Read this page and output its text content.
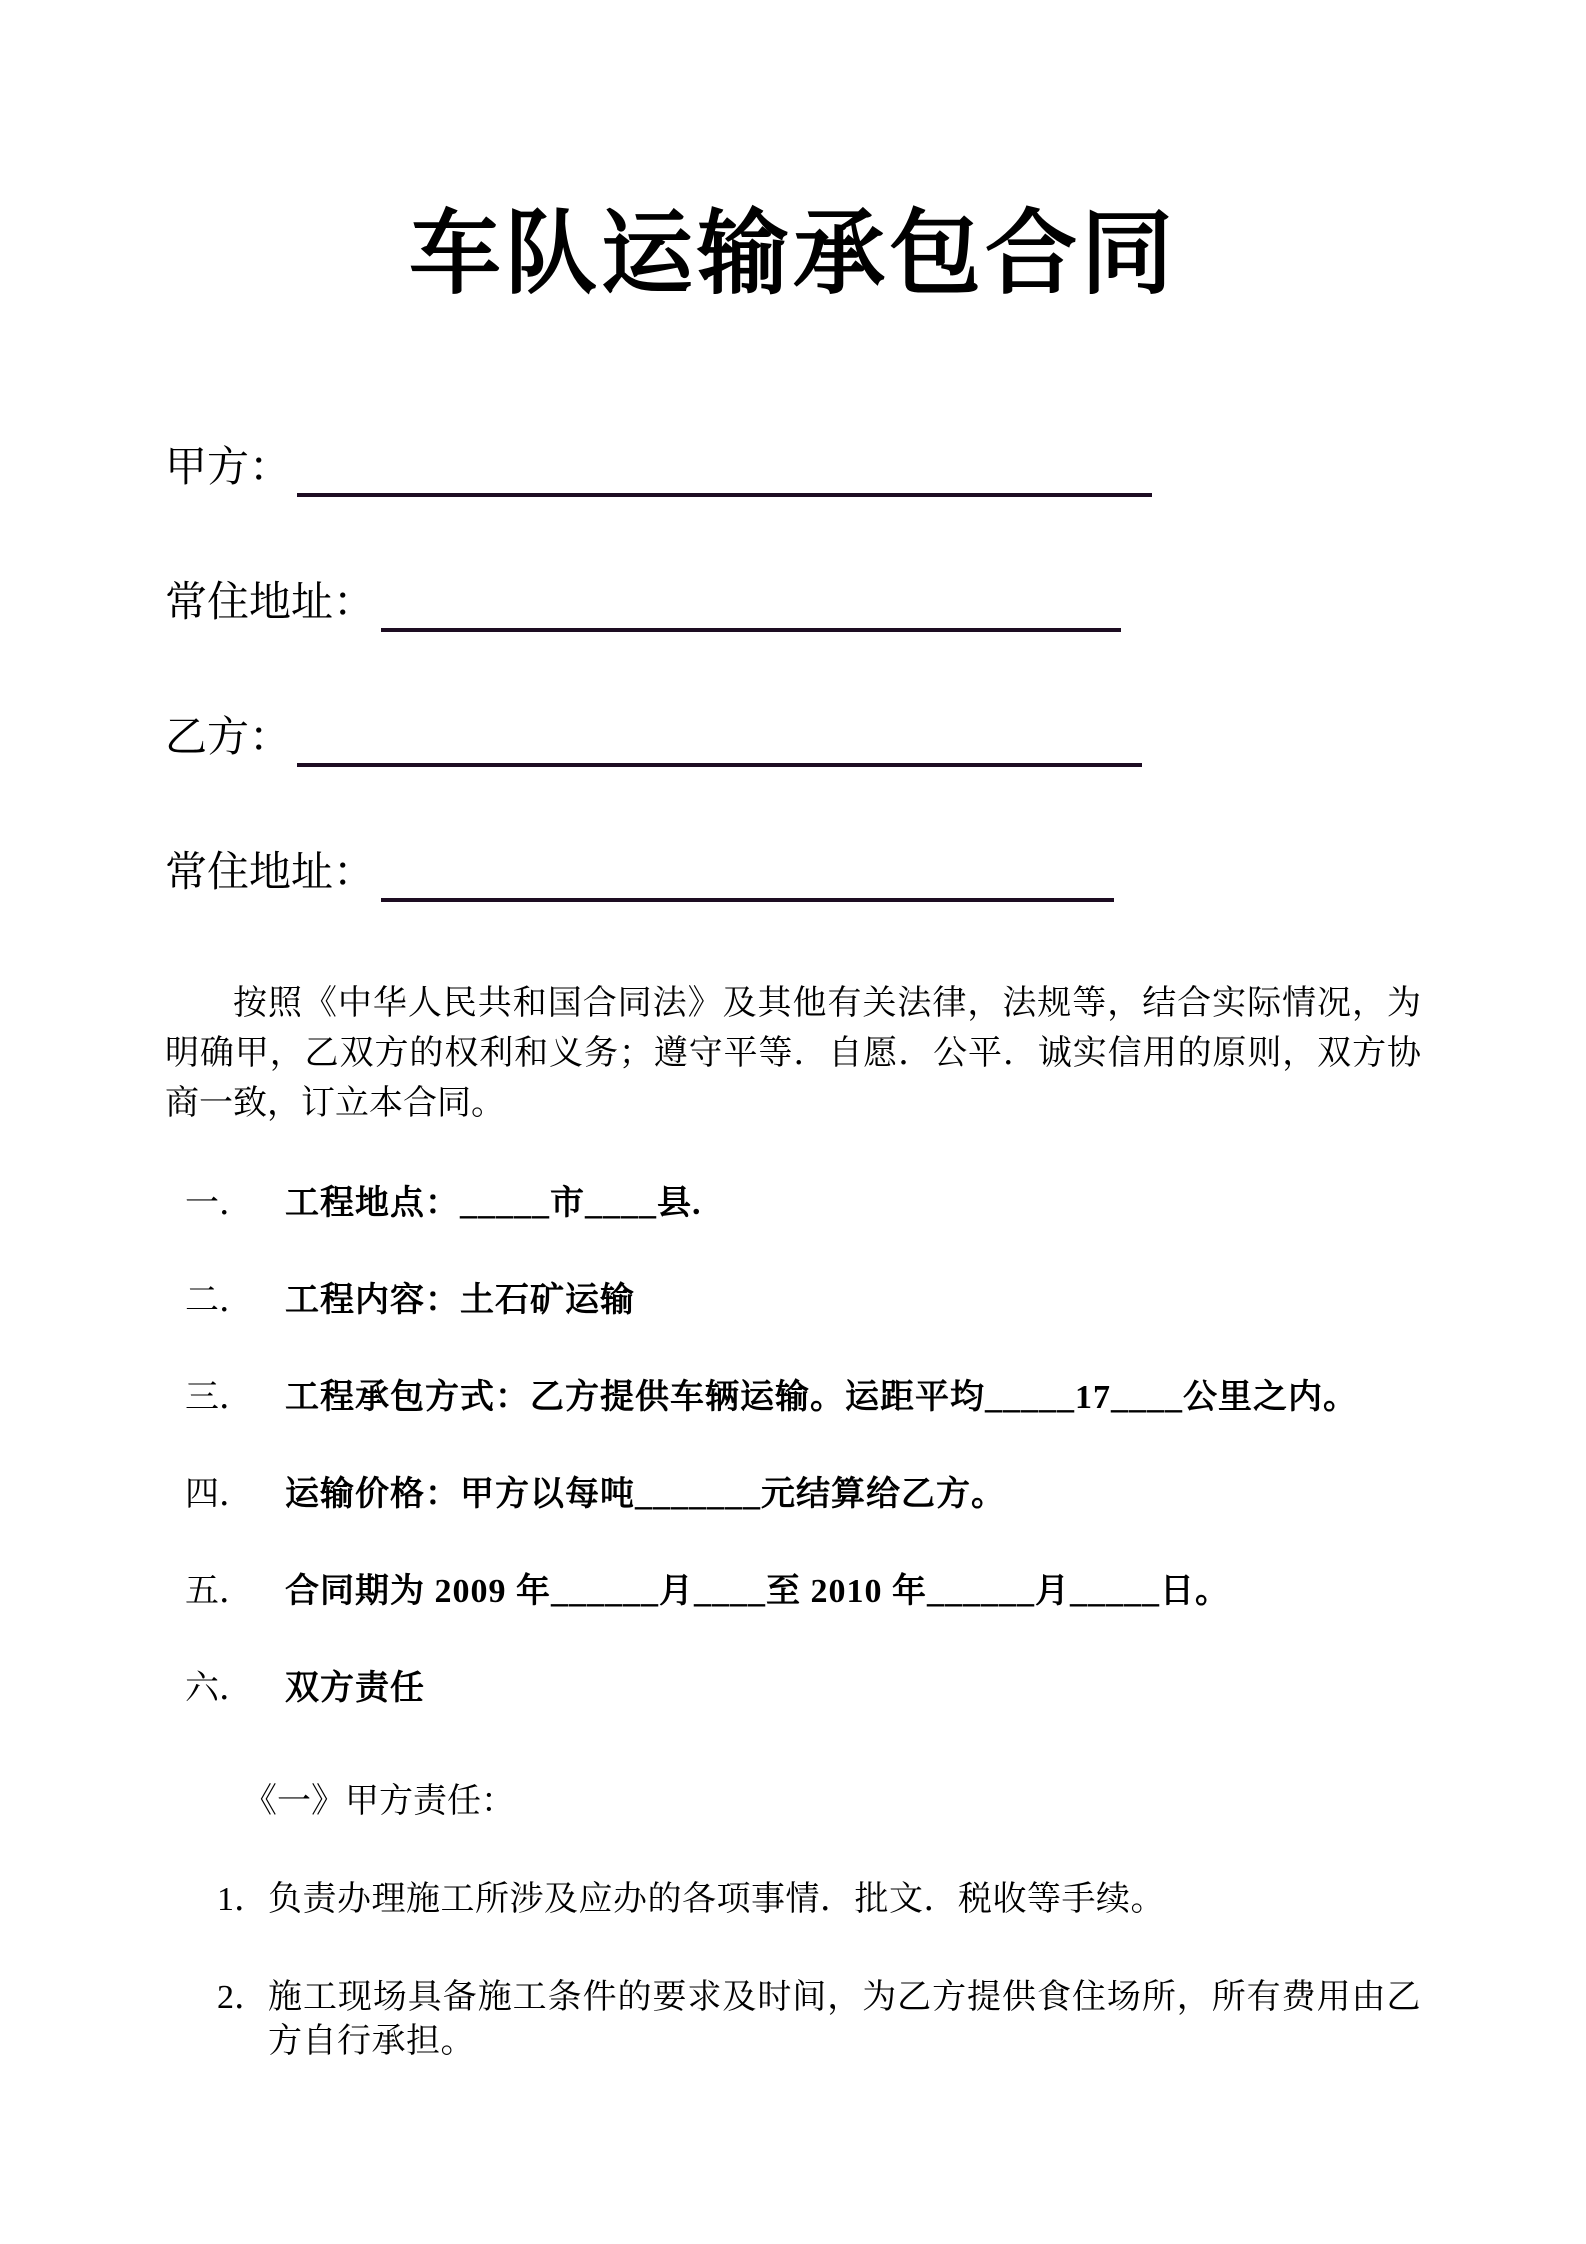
车队运输承包合同
甲方：
常住地址：
乙方：
常住地址：
按照《中华人民共和国合同法》及其他有关法律，法规等，结合实际情况，为明确甲，乙双方的权利和义务；遵守平等．自愿．公平．诚实信用的原则，双方协商一致，订立本合同。
一． 工程地点：_____市____县.
二． 工程内容：土石矿运输
三． 工程承包方式：乙方提供车辆运输。运距平均_____17____公里之内。
四． 运输价格：甲方以每吨_______元结算给乙方。
五． 合同期为 2009 年______月____至 2010 年______月_____日。
六． 双方责任
《一》甲方责任：
1． 负责办理施工所涉及应办的各项事情．批文．税收等手续。
2． 施工现场具备施工条件的要求及时间，为乙方提供食住场所，所有费用由乙方自行承担。
